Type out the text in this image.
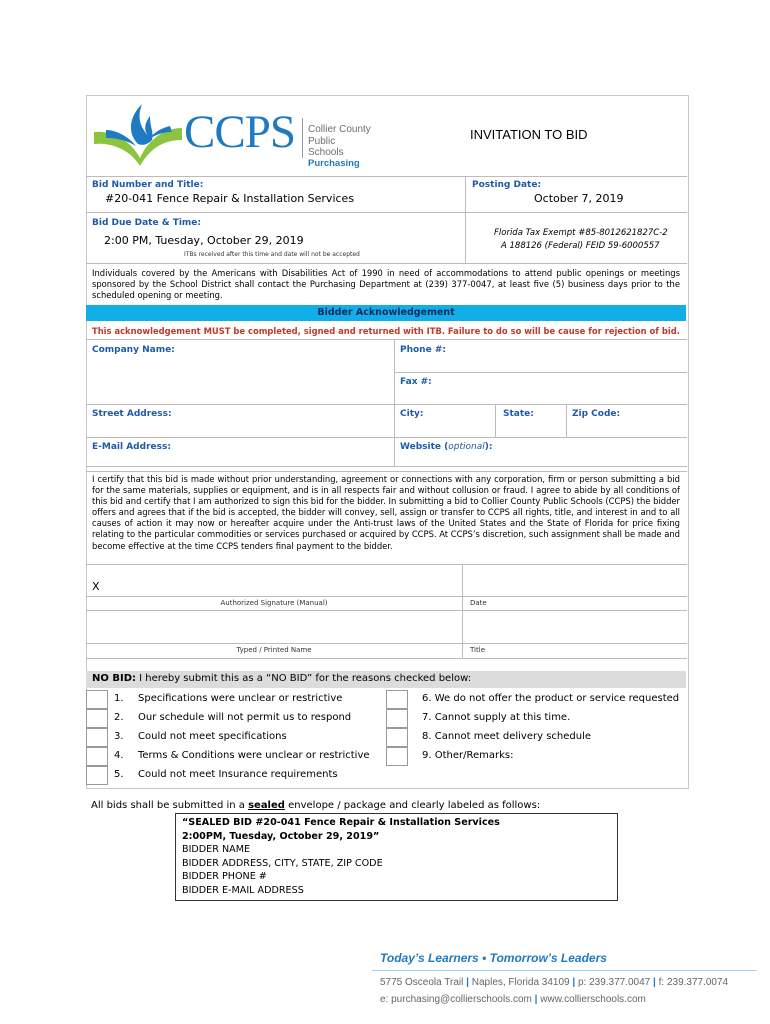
CCPS Collier County
Public Schools
Purchasing
INVITATION TO BID
Bid Number and Title:
#20-041 Fence Repair & Installation Services
Posting Date:
October 7, 2019
Bid Due Date & Time:
2:00 PM, Tuesday, October 29, 2019
ITBs received after this time and date will not be accepted
Florida Tax Exempt #85-8012621827C-2
A 188126 (Federal) FEID 59-6000557
Individuals covered by the Americans with Disabilities Act of 1990 in need of accommodations to attend public openings or meetings sponsored by the School District shall contact the Purchasing Department at (239) 377-0047, at least five (5) business days prior to the scheduled opening or meeting.
Bidder Acknowledgement
This acknowledgement MUST be completed, signed and returned with ITB. Failure to do so will be cause for rejection of bid.
Company Name:	Phone #:
Fax #:
Street Address:	City:	State:	Zip Code:
E-Mail Address:	Website (optional):
I certify that this bid is made without prior understanding, agreement or connections with any corporation, firm or person submitting a bid for the same materials, supplies or equipment, and is in all respects fair and without collusion or fraud. I agree to abide by all conditions of this bid and certify that I am authorized to sign this bid for the bidder. In submitting a bid to Collier County Public Schools (CCPS) the bidder offers and agrees that if the bid is accepted, the bidder will convey, sell, assign or transfer to CCPS all rights, title, and interest in and to all causes of action it may now or hereafter acquire under the Anti-trust laws of the United States and the State of Florida for price fixing relating to the particular commodities or services purchased or acquired by CCPS. At CCPS’s discretion, such assignment shall be made and become effective at the time CCPS tenders final payment to the bidder.
X
Authorized Signature (Manual)	Date
Typed / Printed Name	Title
NO BID: I hereby submit this as a “NO BID” for the reasons checked below:
1. Specifications were unclear or restrictive
2. Our schedule will not permit us to respond
3. Could not meet specifications
4. Terms & Conditions were unclear or restrictive
5. Could not meet Insurance requirements
6. We do not offer the product or service requested
7. Cannot supply at this time.
8. Cannot meet delivery schedule
9. Other/Remarks:
All bids shall be submitted in a sealed envelope / package and clearly labeled as follows:
“SEALED BID #20-041 Fence Repair & Installation Services
2:00PM, Tuesday, October 29, 2019”
BIDDER NAME
BIDDER ADDRESS, CITY, STATE, ZIP CODE
BIDDER PHONE #
BIDDER E-MAIL ADDRESS
Today’s Learners • Tomorrow’s Leaders
5775 Osceola Trail | Naples, Florida 34109 | p: 239.377.0047 | f: 239.377.0074
e: purchasing@collierschools.com | www.collierschools.com
